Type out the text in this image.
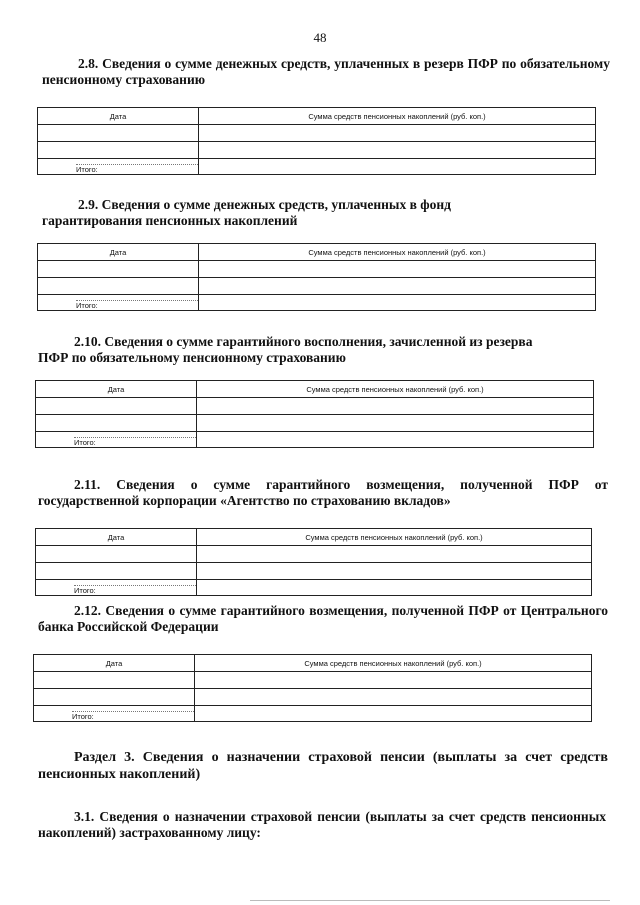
48
2.8. Сведения о сумме денежных средств, уплаченных в резерв ПФР по обязательному пенсионному страхованию
Дата	Сумма средств пенсионных накоплений (руб. коп.)

Итого:	

2.9. Сведения о сумме денежных средств, уплаченных в фонд гарантирования пенсионных накоплений
Дата	Сумма средств пенсионных накоплений (руб. коп.)

Итого:	

2.10. Сведения о сумме гарантийного восполнения, зачисленной из резерва ПФР по обязательному пенсионному страхованию
Дата	Сумма средств пенсионных накоплений (руб. коп.)

Итого:	

2.11. Сведения о сумме гарантийного возмещения, полученной ПФР от государственной корпорации «Агентство по страхованию вкладов»
Дата	Сумма средств пенсионных накоплений (руб. коп.)

Итого:	

2.12. Сведения о сумме гарантийного возмещения, полученной ПФР от Центрального банка Российской Федерации
Дата	Сумма средств пенсионных накоплений (руб. коп.)

Итого:	

Раздел 3. Сведения о назначении страховой пенсии (выплаты за счет средств пенсионных накоплений)
3.1. Сведения о назначении страховой пенсии (выплаты за счет средств пенсионных накоплений) застрахованному лицу:
